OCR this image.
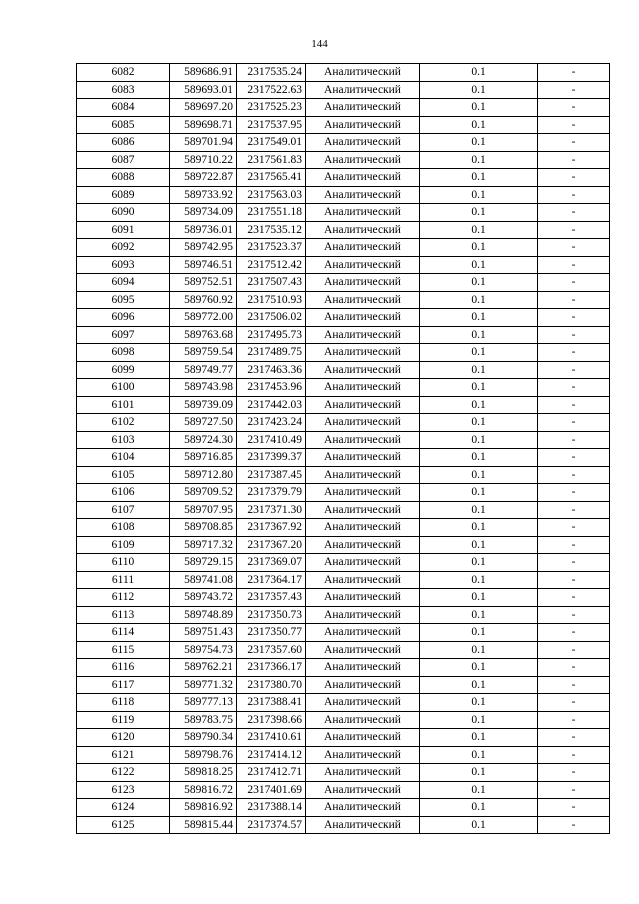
144
6082	589686.91	2317535.24	Аналитический	0.1	-
6083	589693.01	2317522.63	Аналитический	0.1	-
6084	589697.20	2317525.23	Аналитический	0.1	-
6085	589698.71	2317537.95	Аналитический	0.1	-
6086	589701.94	2317549.01	Аналитический	0.1	-
6087	589710.22	2317561.83	Аналитический	0.1	-
6088	589722.87	2317565.41	Аналитический	0.1	-
6089	589733.92	2317563.03	Аналитический	0.1	-
6090	589734.09	2317551.18	Аналитический	0.1	-
6091	589736.01	2317535.12	Аналитический	0.1	-
6092	589742.95	2317523.37	Аналитический	0.1	-
6093	589746.51	2317512.42	Аналитический	0.1	-
6094	589752.51	2317507.43	Аналитический	0.1	-
6095	589760.92	2317510.93	Аналитический	0.1	-
6096	589772.00	2317506.02	Аналитический	0.1	-
6097	589763.68	2317495.73	Аналитический	0.1	-
6098	589759.54	2317489.75	Аналитический	0.1	-
6099	589749.77	2317463.36	Аналитический	0.1	-
6100	589743.98	2317453.96	Аналитический	0.1	-
6101	589739.09	2317442.03	Аналитический	0.1	-
6102	589727.50	2317423.24	Аналитический	0.1	-
6103	589724.30	2317410.49	Аналитический	0.1	-
6104	589716.85	2317399.37	Аналитический	0.1	-
6105	589712.80	2317387.45	Аналитический	0.1	-
6106	589709.52	2317379.79	Аналитический	0.1	-
6107	589707.95	2317371.30	Аналитический	0.1	-
6108	589708.85	2317367.92	Аналитический	0.1	-
6109	589717.32	2317367.20	Аналитический	0.1	-
6110	589729.15	2317369.07	Аналитический	0.1	-
6111	589741.08	2317364.17	Аналитический	0.1	-
6112	589743.72	2317357.43	Аналитический	0.1	-
6113	589748.89	2317350.73	Аналитический	0.1	-
6114	589751.43	2317350.77	Аналитический	0.1	-
6115	589754.73	2317357.60	Аналитический	0.1	-
6116	589762.21	2317366.17	Аналитический	0.1	-
6117	589771.32	2317380.70	Аналитический	0.1	-
6118	589777.13	2317388.41	Аналитический	0.1	-
6119	589783.75	2317398.66	Аналитический	0.1	-
6120	589790.34	2317410.61	Аналитический	0.1	-
6121	589798.76	2317414.12	Аналитический	0.1	-
6122	589818.25	2317412.71	Аналитический	0.1	-
6123	589816.72	2317401.69	Аналитический	0.1	-
6124	589816.92	2317388.14	Аналитический	0.1	-
6125	589815.44	2317374.57	Аналитический	0.1	-
